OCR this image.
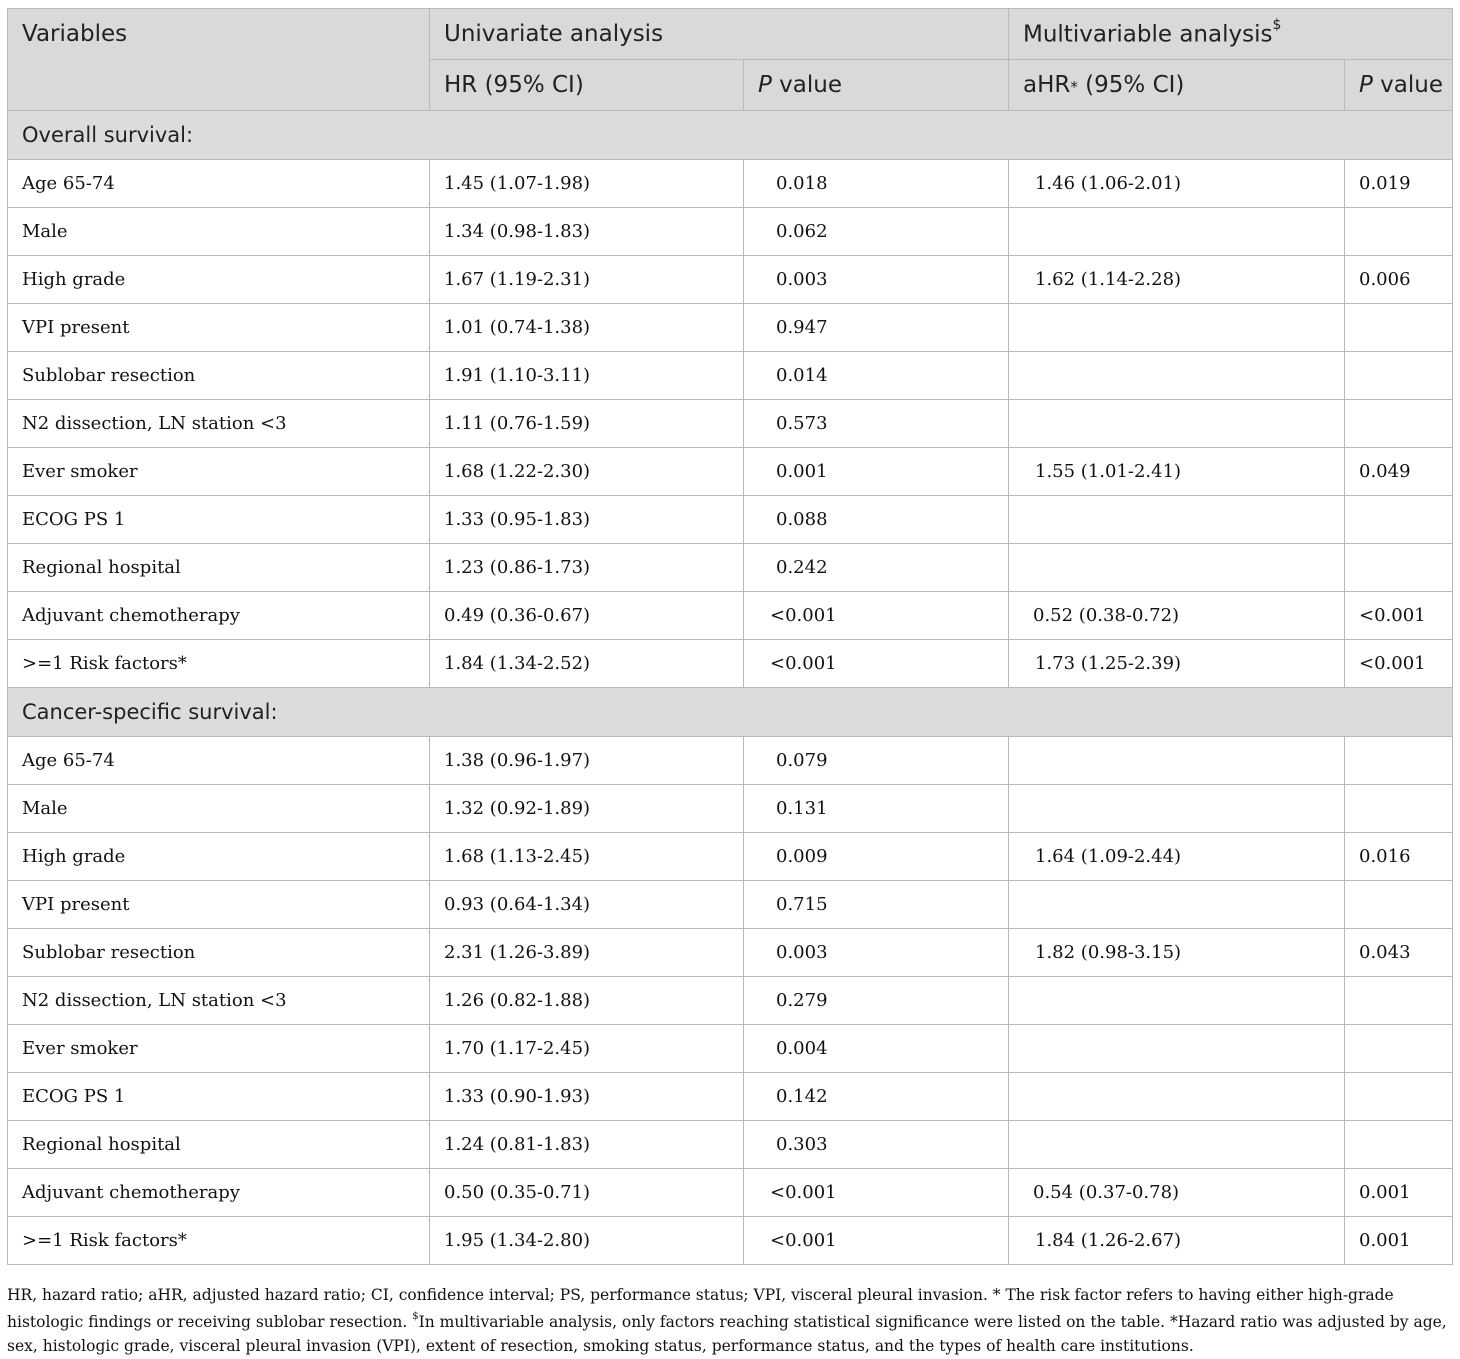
Variables	Univariate analysis		Multivariable analysis$
	HR (95% CI)	P value	aHR* (95% CI)	P value
Overall survival:				
Age 65-74	1.45 (1.07-1.98)	0.018	1.46 (1.06-2.01)	0.019
Male	1.34 (0.98-1.83)	0.062		
High grade	1.67 (1.19-2.31)	0.003	1.62 (1.14-2.28)	0.006
VPI present	1.01 (0.74-1.38)	0.947		
Sublobar resection	1.91 (1.10-3.11)	0.014		
N2 dissection, LN station <3	1.11 (0.76-1.59)	0.573		
Ever smoker	1.68 (1.22-2.30)	0.001	1.55 (1.01-2.41)	0.049
ECOG PS 1	1.33 (0.95-1.83)	0.088		
Regional hospital	1.23 (0.86-1.73)	0.242		
Adjuvant chemotherapy	0.49 (0.36-0.67)	<0.001	0.52 (0.38-0.72)	<0.001
>=1 Risk factors*	1.84 (1.34-2.52)	<0.001	1.73 (1.25-2.39)	<0.001
Cancer-specific survival:				
Age 65-74	1.38 (0.96-1.97)	0.079		
Male	1.32 (0.92-1.89)	0.131		
High grade	1.68 (1.13-2.45)	0.009	1.64 (1.09-2.44)	0.016
VPI present	0.93 (0.64-1.34)	0.715		
Sublobar resection	2.31 (1.26-3.89)	0.003	1.82 (0.98-3.15)	0.043
N2 dissection, LN station <3	1.26 (0.82-1.88)	0.279		
Ever smoker	1.70 (1.17-2.45)	0.004		
ECOG PS 1	1.33 (0.90-1.93)	0.142		
Regional hospital	1.24 (0.81-1.83)	0.303		
Adjuvant chemotherapy	0.50 (0.35-0.71)	<0.001	0.54 (0.37-0.78)	0.001
>=1 Risk factors*	1.95 (1.34-2.80)	<0.001	1.84 (1.26-2.67)	0.001
HR, hazard ratio; aHR, adjusted hazard ratio; CI, confidence interval; PS, performance status; VPI, visceral pleural invasion. * The risk factor refers to having either high-grade histologic findings or receiving sublobar resection. $In multivariable analysis, only factors reaching statistical significance were listed on the table. *Hazard ratio was adjusted by age, sex, histologic grade, visceral pleural invasion (VPI), extent of resection, smoking status, performance status, and the types of health care institutions.
